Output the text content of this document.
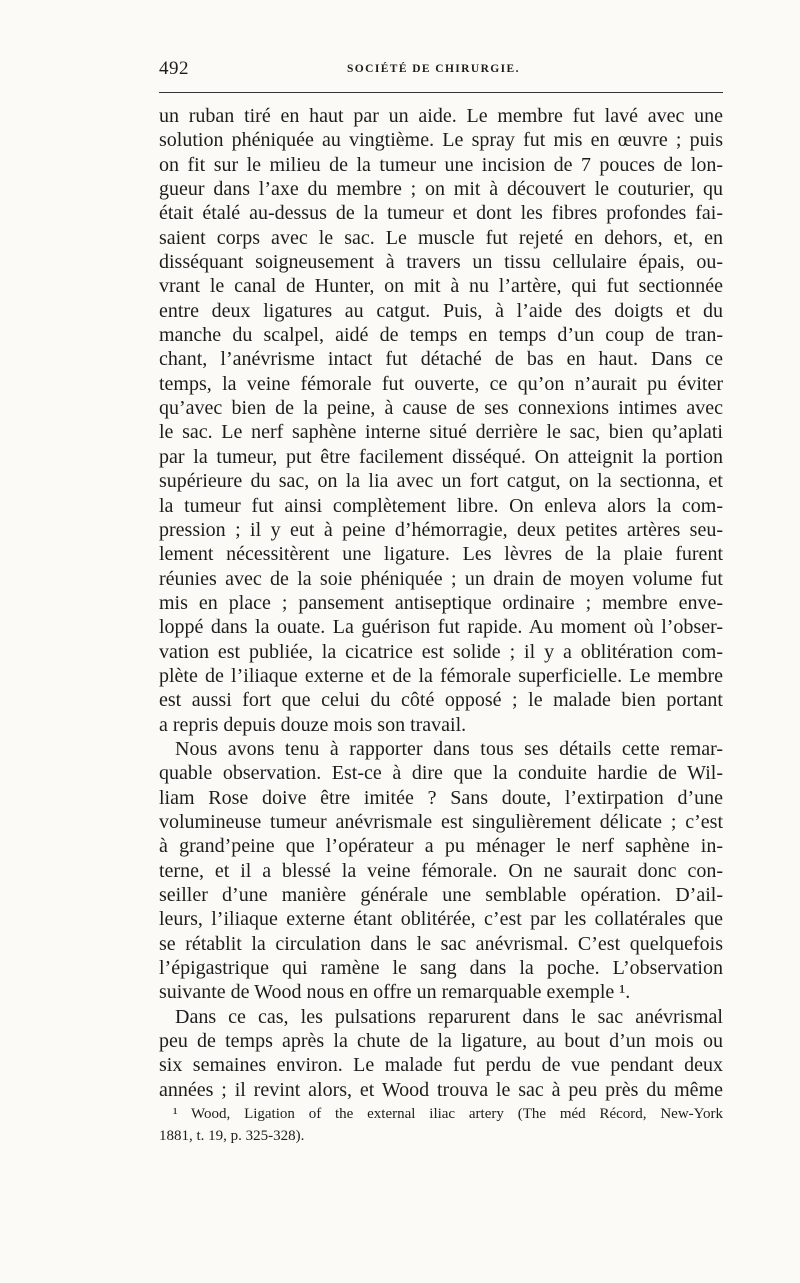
492	SOCIÉTÉ DE CHIRURGIE.
un ruban tiré en haut par un aide. Le membre fut lavé avec une
solution phéniquée au vingtième. Le spray fut mis en œuvre ; puis
on fit sur le milieu de la tumeur une incision de 7 pouces de lon-
gueur dans l’axe du membre ; on mit à découvert le couturier, qu
était étalé au-dessus de la tumeur et dont les fibres profondes fai-
saient corps avec le sac. Le muscle fut rejeté en dehors, et, en
disséquant soigneusement à travers un tissu cellulaire épais, ou-
vrant le canal de Hunter, on mit à nu l’artère, qui fut sectionnée
entre deux ligatures au catgut. Puis, à l’aide des doigts et du
manche du scalpel, aidé de temps en temps d’un coup de tran-
chant, l’anévrisme intact fut détaché de bas en haut. Dans ce
temps, la veine fémorale fut ouverte, ce qu’on n’aurait pu éviter
qu’avec bien de la peine, à cause de ses connexions intimes avec
le sac. Le nerf saphène interne situé derrière le sac, bien qu’aplati
par la tumeur, put être facilement disséqué. On atteignit la portion
supérieure du sac, on la lia avec un fort catgut, on la sectionna, et
la tumeur fut ainsi complètement libre. On enleva alors la com-
pression ; il y eut à peine d’hémorragie, deux petites artères seu-
lement nécessitèrent une ligature. Les lèvres de la plaie furent
réunies avec de la soie phéniquée ; un drain de moyen volume fut
mis en place ; pansement antiseptique ordinaire ; membre enve-
loppé dans la ouate. La guérison fut rapide. Au moment où l’obser-
vation est publiée, la cicatrice est solide ; il y a oblitération com-
plète de l’iliaque externe et de la fémorale superficielle. Le membre
est aussi fort que celui du côté opposé ; le malade bien portant
a repris depuis douze mois son travail.
Nous avons tenu à rapporter dans tous ses détails cette remar-
quable observation. Est-ce à dire que la conduite hardie de Wil-
liam Rose doive être imitée ? Sans doute, l’extirpation d’une
volumineuse tumeur anévrismale est singulièrement délicate ; c’est
à grand’peine que l’opérateur a pu ménager le nerf saphène in-
terne, et il a blessé la veine fémorale. On ne saurait donc con-
seiller d’une manière générale une semblable opération. D’ail-
leurs, l’iliaque externe étant oblitérée, c’est par les collatérales que
se rétablit la circulation dans le sac anévrismal. C’est quelquefois
l’épigastrique qui ramène le sang dans la poche. L’observation
suivante de Wood nous en offre un remarquable exemple ¹.
Dans ce cas, les pulsations reparurent dans le sac anévrismal
peu de temps après la chute de la ligature, au bout d’un mois ou
six semaines environ. Le malade fut perdu de vue pendant deux
années ; il revint alors, et Wood trouva le sac à peu près du même
¹ Wood, Ligation of the external iliac artery (The méd Récord, New-York
1881, t. 19, p. 325-328).
